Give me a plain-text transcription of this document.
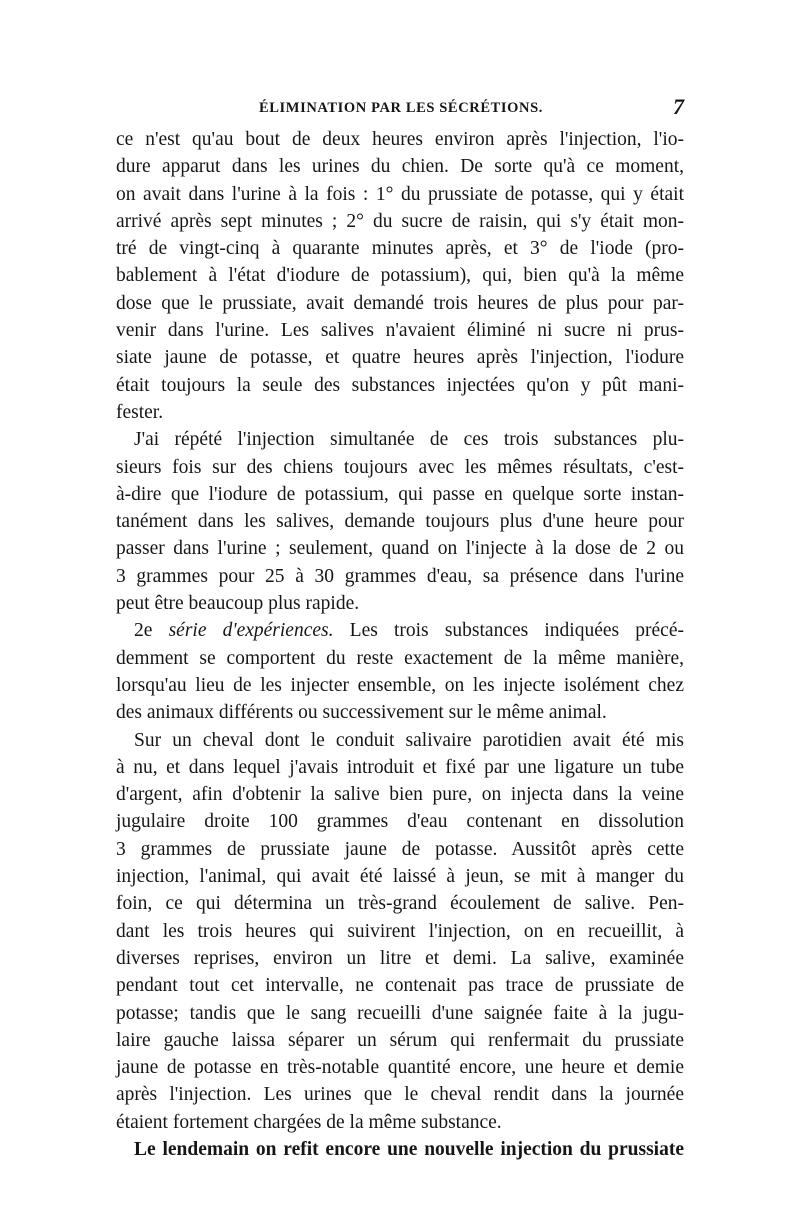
ÉLIMINATION PAR LES SÉCRÉTIONS.	7
ce n'est qu'au bout de deux heures environ après l'injection, l'io-
dure apparut dans les urines du chien. De sorte qu'à ce moment,
on avait dans l'urine à la fois : 1° du prussiate de potasse, qui y était
arrivé après sept minutes ; 2° du sucre de raisin, qui s'y était mon-
tré de vingt-cinq à quarante minutes après, et 3° de l'iode (pro-
bablement à l'état d'iodure de potassium), qui, bien qu'à la même
dose que le prussiate, avait demandé trois heures de plus pour par-
venir dans l'urine. Les salives n'avaient éliminé ni sucre ni prus-
siate jaune de potasse, et quatre heures après l'injection, l'iodure
était toujours la seule des substances injectées qu'on y pût mani-
fester.
J'ai répété l'injection simultanée de ces trois substances plu-
sieurs fois sur des chiens toujours avec les mêmes résultats, c'est-
à-dire que l'iodure de potassium, qui passe en quelque sorte instan-
tanément dans les salives, demande toujours plus d'une heure pour
passer dans l'urine ; seulement, quand on l'injecte à la dose de 2 ou
3 grammes pour 25 à 30 grammes d'eau, sa présence dans l'urine
peut être beaucoup plus rapide.
2e série d'expériences. Les trois substances indiquées précé-
demment se comportent du reste exactement de la même manière,
lorsqu'au lieu de les injecter ensemble, on les injecte isolément chez
des animaux différents ou successivement sur le même animal.
Sur un cheval dont le conduit salivaire parotidien avait été mis
à nu, et dans lequel j'avais introduit et fixé par une ligature un tube
d'argent, afin d'obtenir la salive bien pure, on injecta dans la veine
jugulaire droite 100 grammes d'eau contenant en dissolution
3 grammes de prussiate jaune de potasse. Aussitôt après cette
injection, l'animal, qui avait été laissé à jeun, se mit à manger du
foin, ce qui détermina un très-grand écoulement de salive. Pen-
dant les trois heures qui suivirent l'injection, on en recueillit, à
diverses reprises, environ un litre et demi. La salive, examinée
pendant tout cet intervalle, ne contenait pas trace de prussiate de
potasse; tandis que le sang recueilli d'une saignée faite à la jugu-
laire gauche laissa séparer un sérum qui renfermait du prussiate
jaune de potasse en très-notable quantité encore, une heure et demie
après l'injection. Les urines que le cheval rendit dans la journée
étaient fortement chargées de la même substance.
Le lendemain on refit encore une nouvelle injection du prussiate
